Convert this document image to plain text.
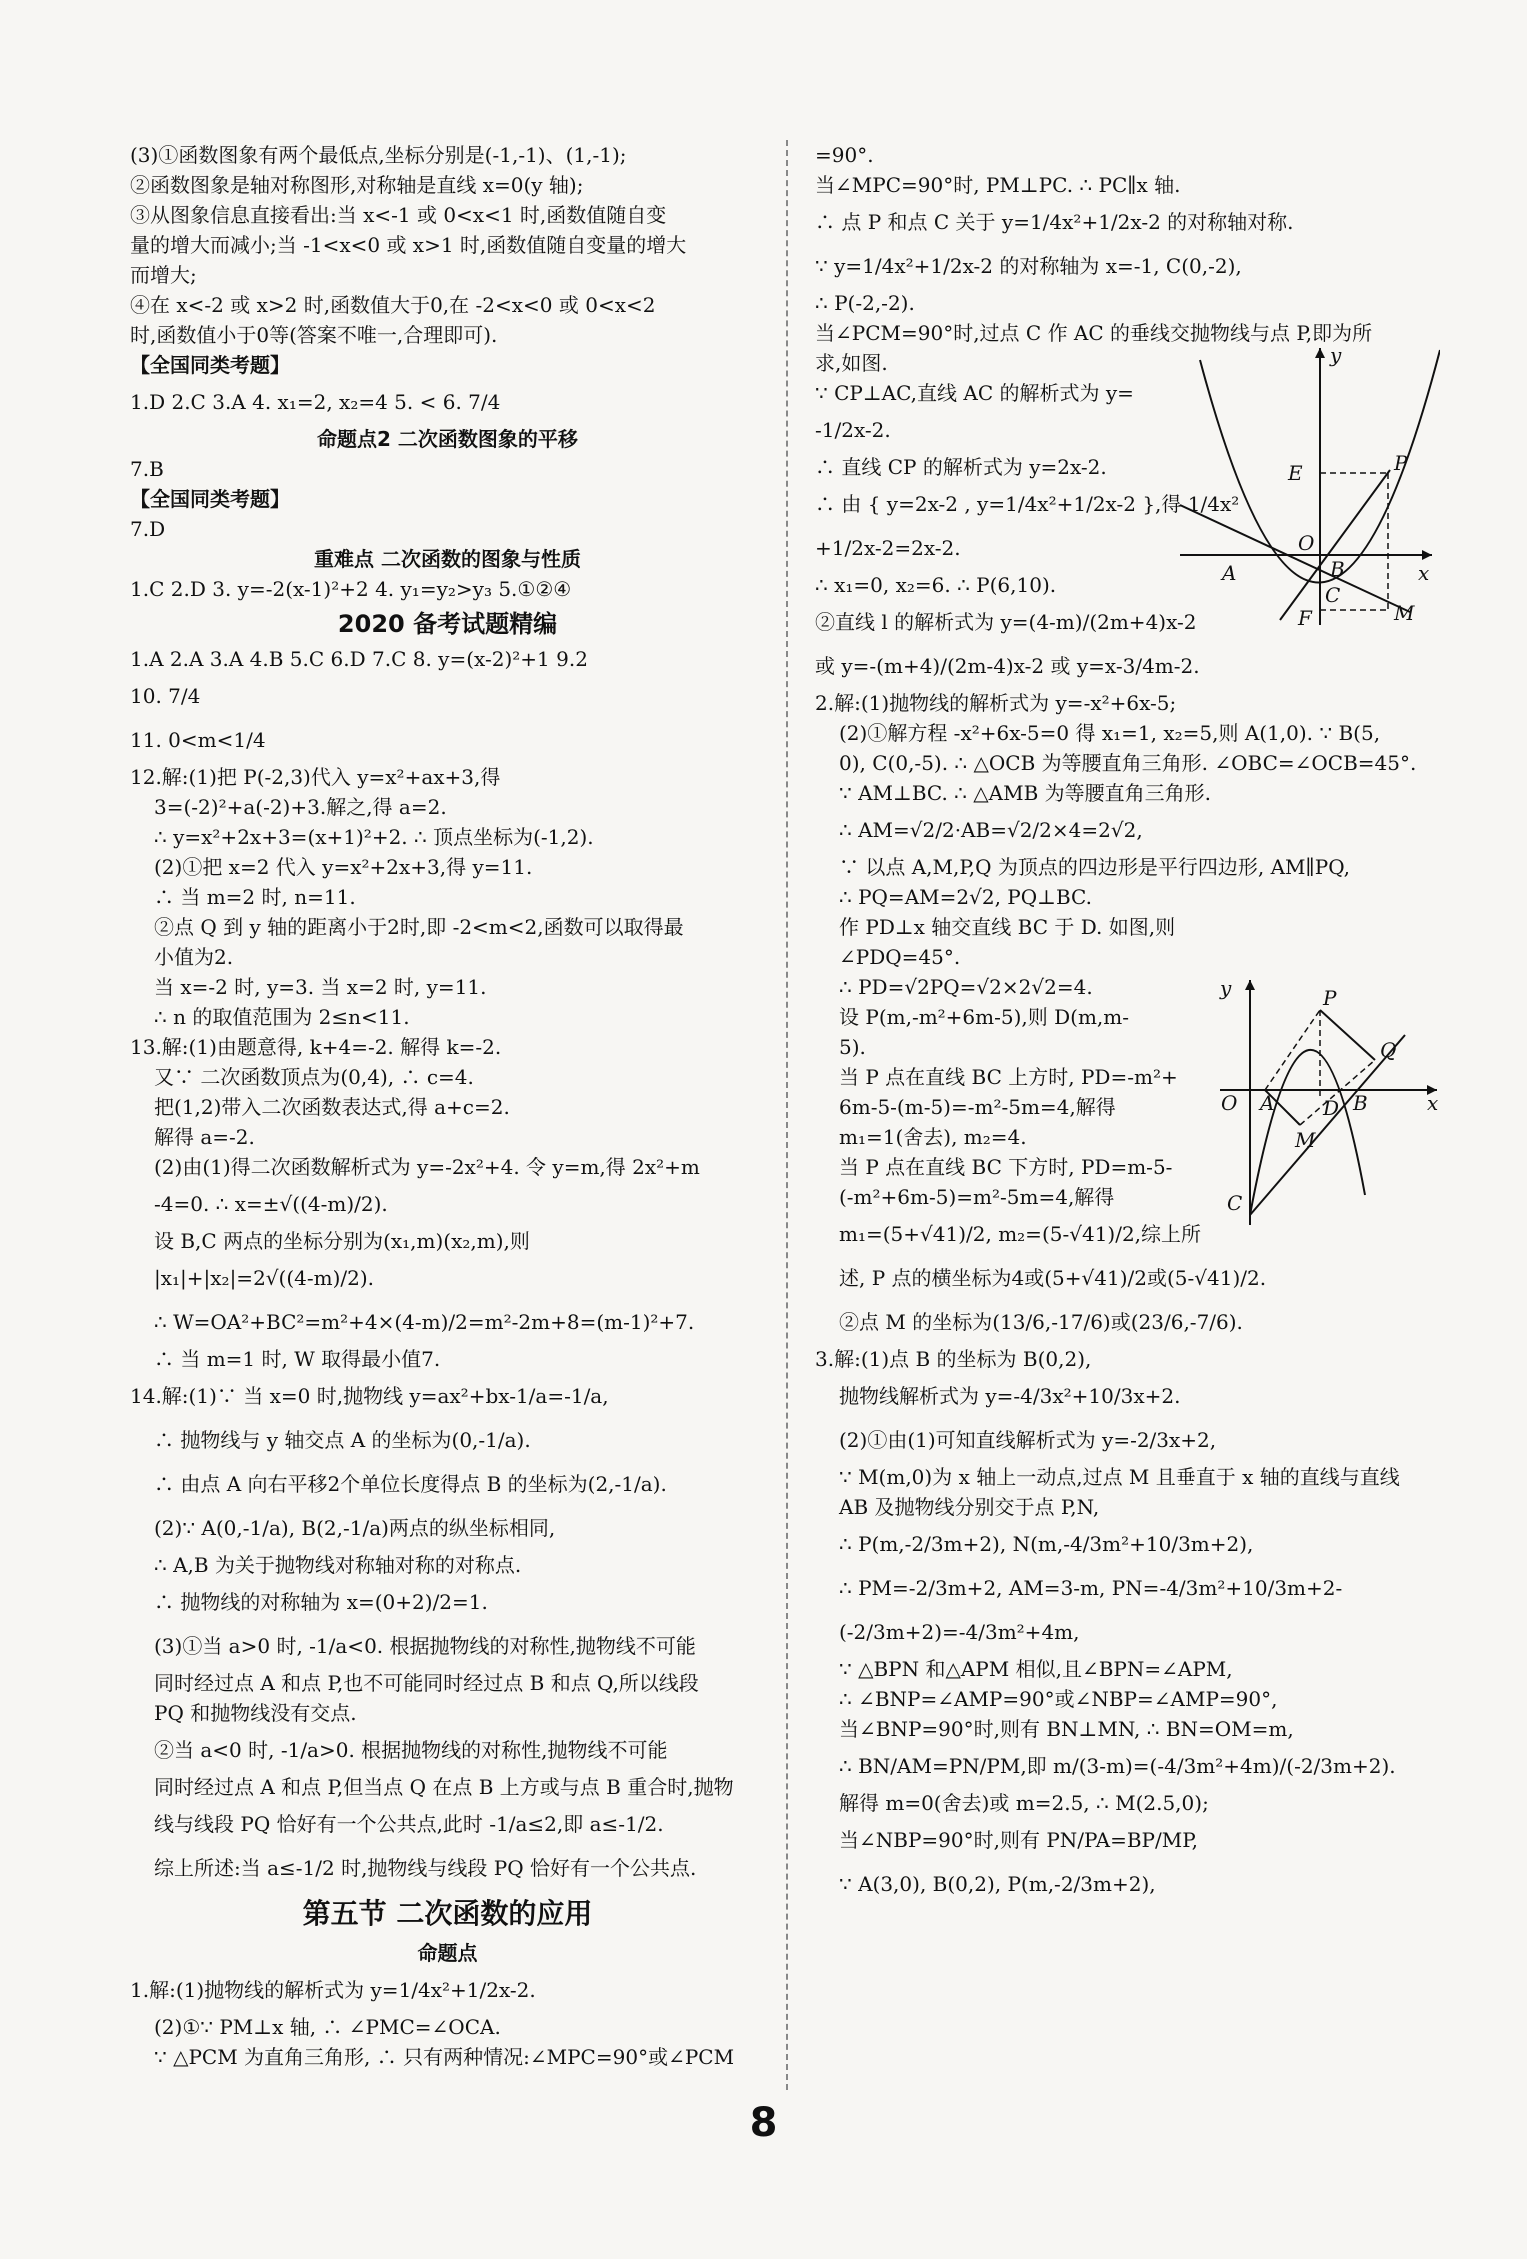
(3)①函数图象有两个最低点,坐标分别是(-1,-1)、(1,-1);
②函数图象是轴对称图形,对称轴是直线 x=0(y 轴);
③从图象信息直接看出:当 x<-1 或 0<x<1 时,函数值随自变
量的增大而减小;当 -1<x<0 或 x>1 时,函数值随自变量的增大
而增大;
④在 x<-2 或 x>2 时,函数值大于0,在 -2<x<0 或 0<x<2
时,函数值小于0等(答案不唯一,合理即可).
【全国同类考题】
1.D 2.C 3.A 4. x₁=2, x₂=4 5. < 6. 7/4
命题点2 二次函数图象的平移
7.B
【全国同类考题】
7.D
重难点 二次函数的图象与性质
1.C 2.D 3. y=-2(x-1)²+2 4. y₁=y₂>y₃ 5.①②④
2020 备考试题精编
1.A 2.A 3.A 4.B 5.C 6.D 7.C 8. y=(x-2)²+1 9.2
10. 7/4
11. 0<m<1/4
12.解:(1)把 P(-2,3)代入 y=x²+ax+3,得
3=(-2)²+a(-2)+3.解之,得 a=2.
∴ y=x²+2x+3=(x+1)²+2. ∴ 顶点坐标为(-1,2).
(2)①把 x=2 代入 y=x²+2x+3,得 y=11.
∴ 当 m=2 时, n=11.
②点 Q 到 y 轴的距离小于2时,即 -2<m<2,函数可以取得最
小值为2.
当 x=-2 时, y=3. 当 x=2 时, y=11.
∴ n 的取值范围为 2≤n<11.
13.解:(1)由题意得, k+4=-2. 解得 k=-2.
又∵ 二次函数顶点为(0,4), ∴ c=4.
把(1,2)带入二次函数表达式,得 a+c=2.
解得 a=-2.
(2)由(1)得二次函数解析式为 y=-2x²+4. 令 y=m,得 2x²+m
-4=0. ∴ x=±√((4-m)/2).
设 B,C 两点的坐标分别为(x₁,m)(x₂,m),则
|x₁|+|x₂|=2√((4-m)/2).
∴ W=OA²+BC²=m²+4×(4-m)/2=m²-2m+8=(m-1)²+7.
∴ 当 m=1 时, W 取得最小值7.
14.解:(1)∵ 当 x=0 时,抛物线 y=ax²+bx-1/a=-1/a,
∴ 抛物线与 y 轴交点 A 的坐标为(0,-1/a).
∴ 由点 A 向右平移2个单位长度得点 B 的坐标为(2,-1/a).
(2)∵ A(0,-1/a), B(2,-1/a)两点的纵坐标相同,
∴ A,B 为关于抛物线对称轴对称的对称点.
∴ 抛物线的对称轴为 x=(0+2)/2=1.
(3)①当 a>0 时, -1/a<0. 根据抛物线的对称性,抛物线不可能
同时经过点 A 和点 P,也不可能同时经过点 B 和点 Q,所以线段
PQ 和抛物线没有交点.
②当 a<0 时, -1/a>0. 根据抛物线的对称性,抛物线不可能
同时经过点 A 和点 P,但当点 Q 在点 B 上方或与点 B 重合时,抛物
线与线段 PQ 恰好有一个公共点,此时 -1/a≤2,即 a≤-1/2.
综上所述:当 a≤-1/2 时,抛物线与线段 PQ 恰好有一个公共点.
第五节 二次函数的应用
命题点
1.解:(1)抛物线的解析式为 y=1/4x²+1/2x-2.
(2)①∵ PM⊥x 轴, ∴ ∠PMC=∠OCA.
∵ △PCM 为直角三角形, ∴ 只有两种情况:∠MPC=90°或∠PCM
=90°.
当∠MPC=90°时, PM⊥PC. ∴ PC∥x 轴.
∴ 点 P 和点 C 关于 y=1/4x²+1/2x-2 的对称轴对称.
∵ y=1/4x²+1/2x-2 的对称轴为 x=-1, C(0,-2),
∴ P(-2,-2).
当∠PCM=90°时,过点 C 作 AC 的垂线交抛物线与点 P,即为所
求,如图.
∵ CP⊥AC,直线 AC 的解析式为 y=
-1/2x-2.
∴ 直线 CP 的解析式为 y=2x-2.
∴ 由 { y=2x-2 , y=1/4x²+1/2x-2 },得 1/4x²
+1/2x-2=2x-2.
∴ x₁=0, x₂=6. ∴ P(6,10).
②直线 l 的解析式为 y=(4-m)/(2m+4)x-2
或 y=-(m+4)/(2m-4)x-2 或 y=x-3/4m-2.
2.解:(1)抛物线的解析式为 y=-x²+6x-5;
(2)①解方程 -x²+6x-5=0 得 x₁=1, x₂=5,则 A(1,0). ∵ B(5,
0), C(0,-5). ∴ △OCB 为等腰直角三角形. ∠OBC=∠OCB=45°.
∵ AM⊥BC. ∴ △AMB 为等腰直角三角形.
∴ AM=√2/2·AB=√2/2×4=2√2,
∵ 以点 A,M,P,Q 为顶点的四边形是平行四边形, AM∥PQ,
∴ PQ=AM=2√2, PQ⊥BC.
作 PD⊥x 轴交直线 BC 于 D. 如图,则
∠PDQ=45°.
∴ PD=√2PQ=√2×2√2=4.
设 P(m,-m²+6m-5),则 D(m,m-
5).
当 P 点在直线 BC 上方时, PD=-m²+
6m-5-(m-5)=-m²-5m=4,解得
m₁=1(舍去), m₂=4.
当 P 点在直线 BC 下方时, PD=m-5-
(-m²+6m-5)=m²-5m=4,解得
m₁=(5+√41)/2, m₂=(5-√41)/2,综上所
述, P 点的横坐标为4或(5+√41)/2或(5-√41)/2.
②点 M 的坐标为(13/6,-17/6)或(23/6,-7/6).
3.解:(1)点 B 的坐标为 B(0,2),
抛物线解析式为 y=-4/3x²+10/3x+2.
(2)①由(1)可知直线解析式为 y=-2/3x+2,
∵ M(m,0)为 x 轴上一动点,过点 M 且垂直于 x 轴的直线与直线
AB 及抛物线分别交于点 P,N,
∴ P(m,-2/3m+2), N(m,-4/3m²+10/3m+2),
∴ PM=-2/3m+2, AM=3-m, PN=-4/3m²+10/3m+2-
(-2/3m+2)=-4/3m²+4m,
∵ △BPN 和△APM 相似,且∠BPN=∠APM,
∴ ∠BNP=∠AMP=90°或∠NBP=∠AMP=90°,
当∠BNP=90°时,则有 BN⊥MN, ∴ BN=OM=m,
∴ BN/AM=PN/PM,即 m/(3-m)=(-4/3m²+4m)/(-2/3m+2).
解得 m=0(舍去)或 m=2.5, ∴ M(2.5,0);
当∠NBP=90°时,则有 PN/PA=BP/MP,
∵ A(3,0), B(0,2), P(m,-2/3m+2),
y
E	P
O
A	B	x
C
F	M
y	P
Q
O A	B	x
D
M
C
8
